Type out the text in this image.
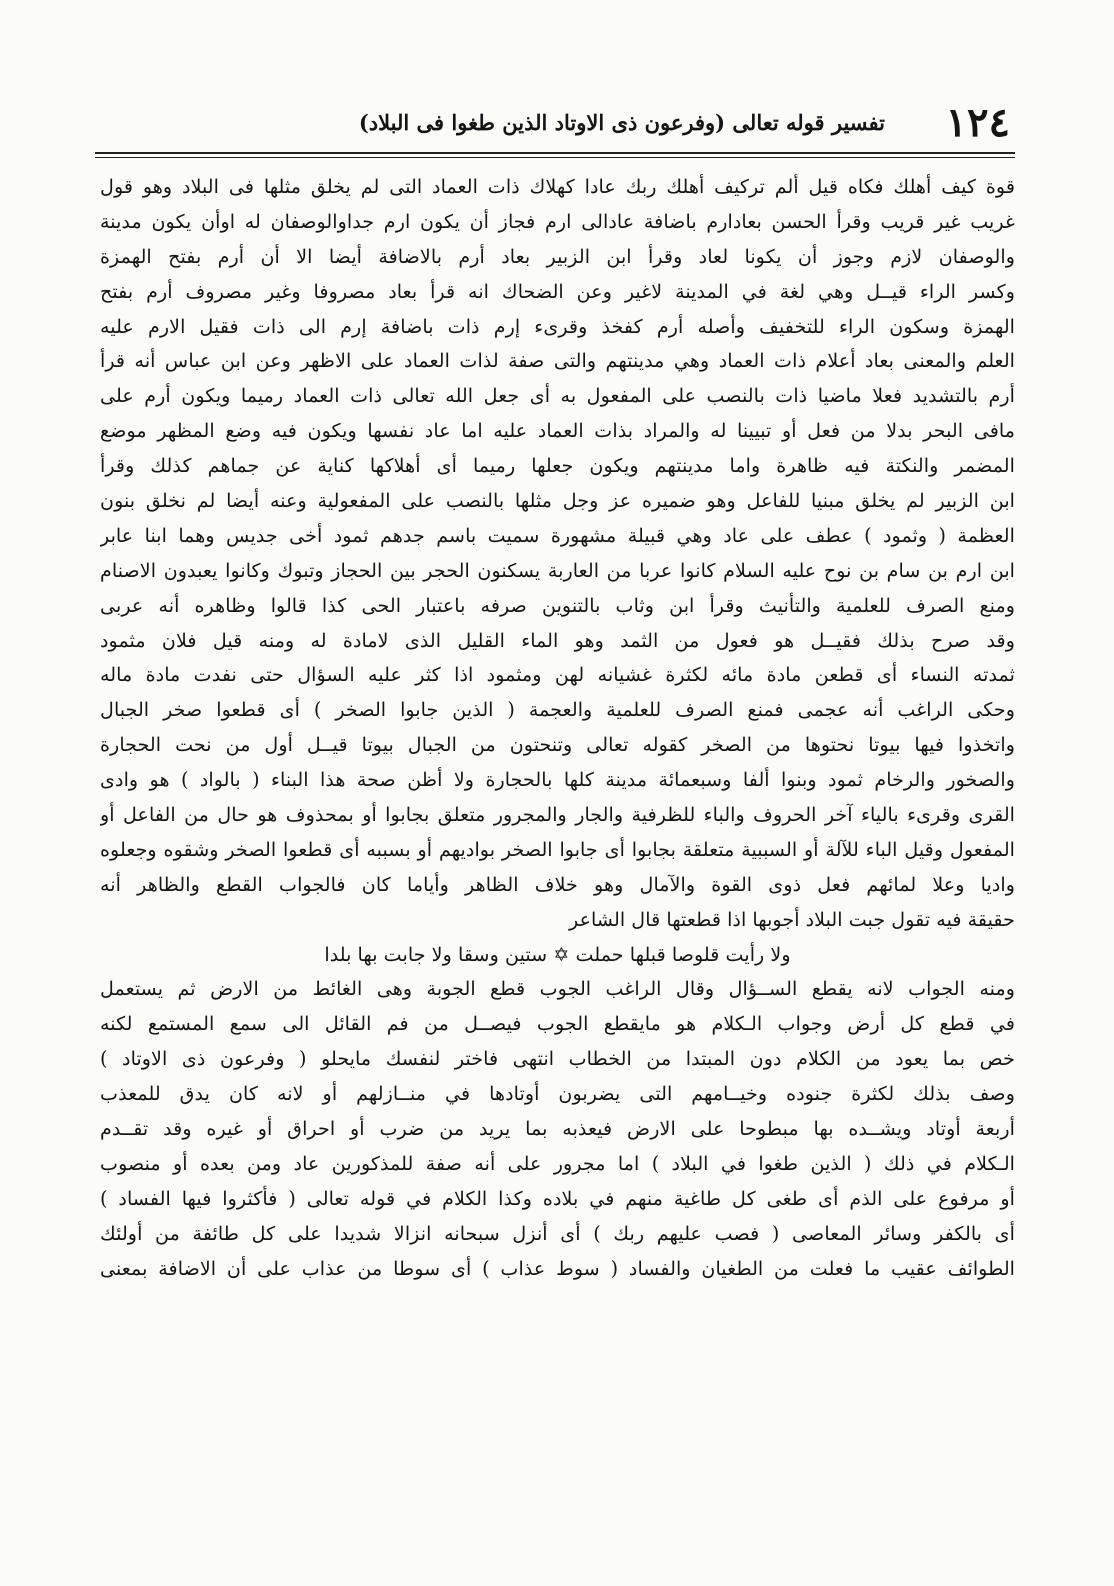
١٢٤
تفسير قوله تعالى (وفرعون ذى الاوتاد الذين طغوا فى البلاد)
قوة كيف أهلك فكاه قيل ألم تركيف أهلك ربك عادا كهلاك ذات العماد التى لم يخلق مثلها فى البلاد وهو قول
غريب غير قريب وقرأ الحسن بعادارم باضافة عادالى ارم فجاز أن يكون ارم جداوالوصفان له اوأن يكون مدينة
والوصفان لازم وجوز أن يكونا لعاد وقرأ ابن الزبير بعاد أرم بالاضافة أيضا الا أن أرم بفتح الهمزة
وكسر الراء قيــل وهي لغة في المدينة لاغير وعن الضحاك انه قرأ بعاد مصروفا وغير مصروف أرم بفتح
الهمزة وسكون الراء للتخفيف وأصله أرم كفخذ وقرىء إرم ذات باضافة إرم الى ذات فقيل الارم عليه
العلم والمعنى بعاد أعلام ذات العماد وهي مدينتهم والتى صفة لذات العماد على الاظهر وعن ابن عباس أنه قرأ
أرم بالتشديد فعلا ماضيا ذات بالنصب على المفعول به أى جعل الله تعالى ذات العماد رميما ويكون أرم على
مافى البحر بدلا من فعل أو تبيينا له والمراد بذات العماد عليه اما عاد نفسها ويكون فيه وضع المظهر موضع
المضمر والنكتة فيه ظاهرة واما مدينتهم ويكون جعلها رميما أى أهلاكها كناية عن جماهم كذلك وقرأ
ابن الزبير لم يخلق مبنيا للفاعل وهو ضميره عز وجل مثلها بالنصب على المفعولية وعنه أيضا لم نخلق بنون
العظمة ( وثمود ) عطف على عاد وهي قبيلة مشهورة سميت باسم جدهم ثمود أخى جديس وهما ابنا عابر
ابن ارم بن سام بن نوح عليه السلام كانوا عربا من العاربة يسكنون الحجر بين الحجاز وتبوك وكانوا يعبدون الاصنام
ومنع الصرف للعلمية والتأنيث وقرأ ابن وثاب بالتنوين صرفه باعتبار الحى كذا قالوا وظاهره أنه عربى
وقد صرح بذلك فقيــل هو فعول من الثمد وهو الماء القليل الذى لامادة له ومنه قيل فلان مثمود
ثمدته النساء أى قطعن مادة مائه لكثرة غشيانه لهن ومثمود اذا كثر عليه السؤال حتى نفدت مادة ماله
وحكى الراغب أنه عجمى فمنع الصرف للعلمية والعجمة ( الذين جابوا الصخر ) أى قطعوا صخر الجبال
واتخذوا فيها بيوتا نحتوها من الصخر كقوله تعالى وتنحتون من الجبال بيوتا قيــل أول من نحت الحجارة
والصخور والرخام ثمود وبنوا ألفا وسبعمائة مدينة كلها بالحجارة ولا أظن صحة هذا البناء ( بالواد ) هو وادى
القرى وقرىء بالياء آخر الحروف والباء للظرفية والجار والمجرور متعلق بجابوا أو بمحذوف هو حال من الفاعل أو
المفعول وقيل الباء للآلة أو السببية متعلقة بجابوا أى جابوا الصخر بواديهم أو بسببه أى قطعوا الصخر وشقوه وجعلوه
واديا وعلا لمائهم فعل ذوى القوة والآمال وهو خلاف الظاهر وأياما كان فالجواب القطع والظاهر أنه
حقيقة فيه تقول جبت البلاد أجوبها اذا قطعتها قال الشاعر
ولا رأيت قلوصا قبلها حملت ✡ ستين وسقا ولا جابت بها بلدا
ومنه الجواب لانه يقطع الســؤال وقال الراغب الجوب قطع الجوبة وهى الغائط من الارض ثم يستعمل
في قطع كل أرض وجواب الـكلام هو مايقطع الجوب فيصــل من فم القائل الى سمع المستمع لكنه
خص بما يعود من الكلام دون المبتدا من الخطاب انتهى فاختر لنفسك مايحلو ( وفرعون ذى الاوتاد )
وصف بذلك لكثرة جنوده وخيــامهم التى يضربون أوتادها في منــازلهم أو لانه كان يدق للمعذب
أربعة أوتاد ويشــده بها مبطوحا على الارض فيعذبه بما يريد من ضرب أو احراق أو غيره وقد تقــدم
الـكلام في ذلك ( الذين طغوا في البلاد ) اما مجرور على أنه صفة للمذكورين عاد ومن بعده أو منصوب
أو مرفوع على الذم أى طغى كل طاغية منهم في بلاده وكذا الكلام في قوله تعالى ( فأكثروا فيها الفساد )
أى بالكفر وسائر المعاصى ( فصب عليهم ربك ) أى أنزل سبحانه انزالا شديدا على كل طائفة من أولئك
الطوائف عقيب ما فعلت من الطغيان والفساد ( سوط عذاب ) أى سوطا من عذاب على أن الاضافة بمعنى
